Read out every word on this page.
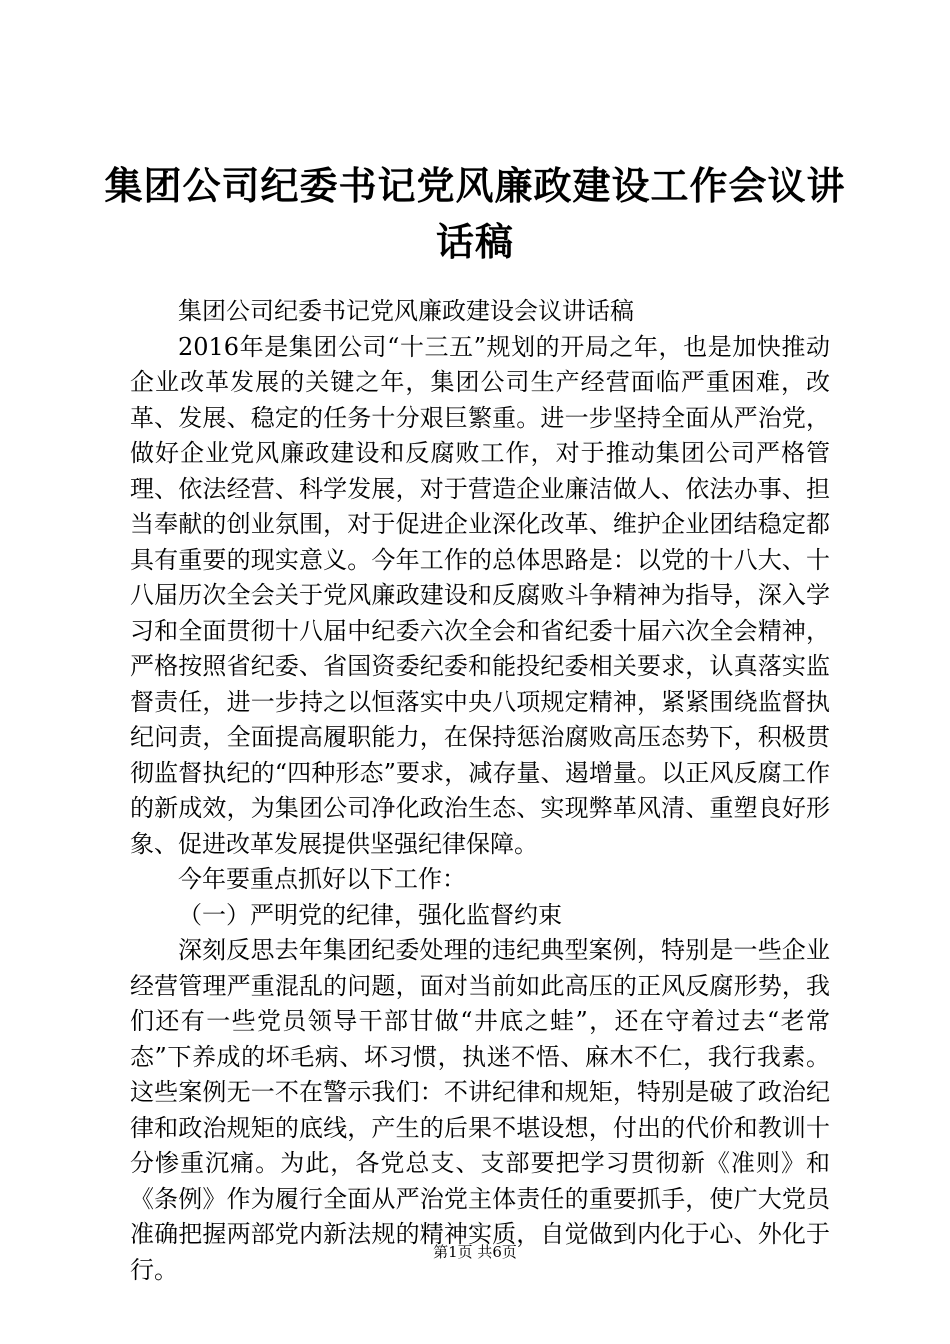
集团公司纪委书记党风廉政建设工作会议讲话稿

集团公司纪委书记党风廉政建设会议讲话稿

2016年是集团公司“十三五”规划的开局之年，也是加快推动企业改革发展的关键之年，集团公司生产经营面临严重困难，改革、发展、稳定的任务十分艰巨繁重。进一步坚持全面从严治党，做好企业党风廉政建设和反腐败工作，对于推动集团公司严格管理、依法经营、科学发展，对于营造企业廉洁做人、依法办事、担当奉献的创业氛围，对于促进企业深化改革、维护企业团结稳定都具有重要的现实意义。今年工作的总体思路是：以党的十八大、十八届历次全会关于党风廉政建设和反腐败斗争精神为指导，深入学习和全面贯彻十八届中纪委六次全会和省纪委十届六次全会精神，严格按照省纪委、省国资委纪委和能投纪委相关要求，认真落实监督责任，进一步持之以恒落实中央八项规定精神，紧紧围绕监督执纪问责，全面提高履职能力，在保持惩治腐败高压态势下，积极贯彻监督执纪的“四种形态”要求，减存量、遏增量。以正风反腐工作的新成效，为集团公司净化政治生态、实现弊革风清、重塑良好形象、促进改革发展提供坚强纪律保障。

今年要重点抓好以下工作：

（一）严明党的纪律，强化监督约束

深刻反思去年集团纪委处理的违纪典型案例，特别是一些企业经营管理严重混乱的问题，面对当前如此高压的正风反腐形势，我们还有一些党员领导干部甘做“井底之蛙”，还在守着过去“老常态”下养成的坏毛病、坏习惯，执迷不悟、麻木不仁，我行我素。这些案例无一不在警示我们：不讲纪律和规矩，特别是破了政治纪律和政治规矩的底线，产生的后果不堪设想，付出的代价和教训十分惨重沉痛。为此，各党总支、支部要把学习贯彻新《准则》和《条例》作为履行全面从严治党主体责任的重要抓手，使广大党员准确把握两部党内新法规的精神实质，自觉做到内化于心、外化于行。

第1页 共6页
